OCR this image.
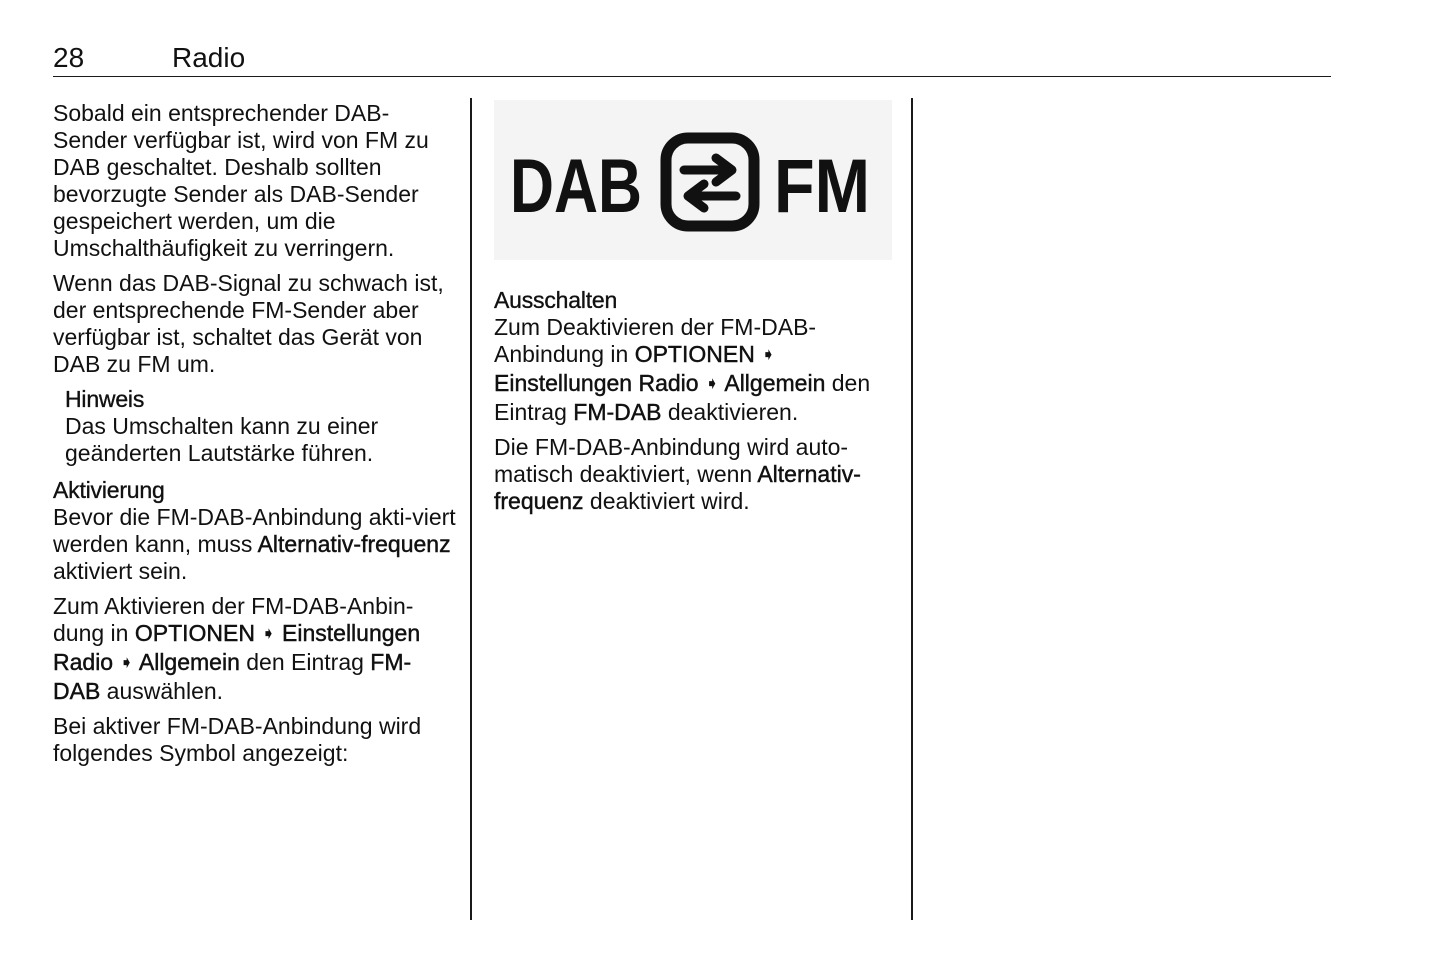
28	Radio

Sobald ein entsprechender DAB-Sender verfügbar ist, wird von FM zu DAB geschaltet. Deshalb sollten bevorzugte Sender als DAB-Sender gespeichert werden, um die Umschalthäufigkeit zu verringern.

Wenn das DAB-Signal zu schwach ist, der entsprechende FM-Sender aber verfügbar ist, schaltet das Gerät von DAB zu FM um.

Hinweis
Das Umschalten kann zu einer geänderten Lautstärke führen.
Aktivierung

Bevor die FM-DAB-Anbindung akti-viert werden kann, muss Alternativ-frequenz aktiviert sein.

Zum Aktivieren der FM-DAB-Anbin-dung in OPTIONEN ➧ Einstellungen Radio ➧ Allgemein den Eintrag FM-DAB auswählen.

Bei aktiver FM-DAB-Anbindung wird folgendes Symbol angezeigt:

DAB FM
Ausschalten

Zum Deaktivieren der FM-DAB-Anbindung in OPTIONEN ➧ Einstellungen Radio ➧ Allgemein den Eintrag FM-DAB deaktivieren.

Die FM-DAB-Anbindung wird auto-matisch deaktiviert, wenn Alternativ-frequenz deaktiviert wird.
